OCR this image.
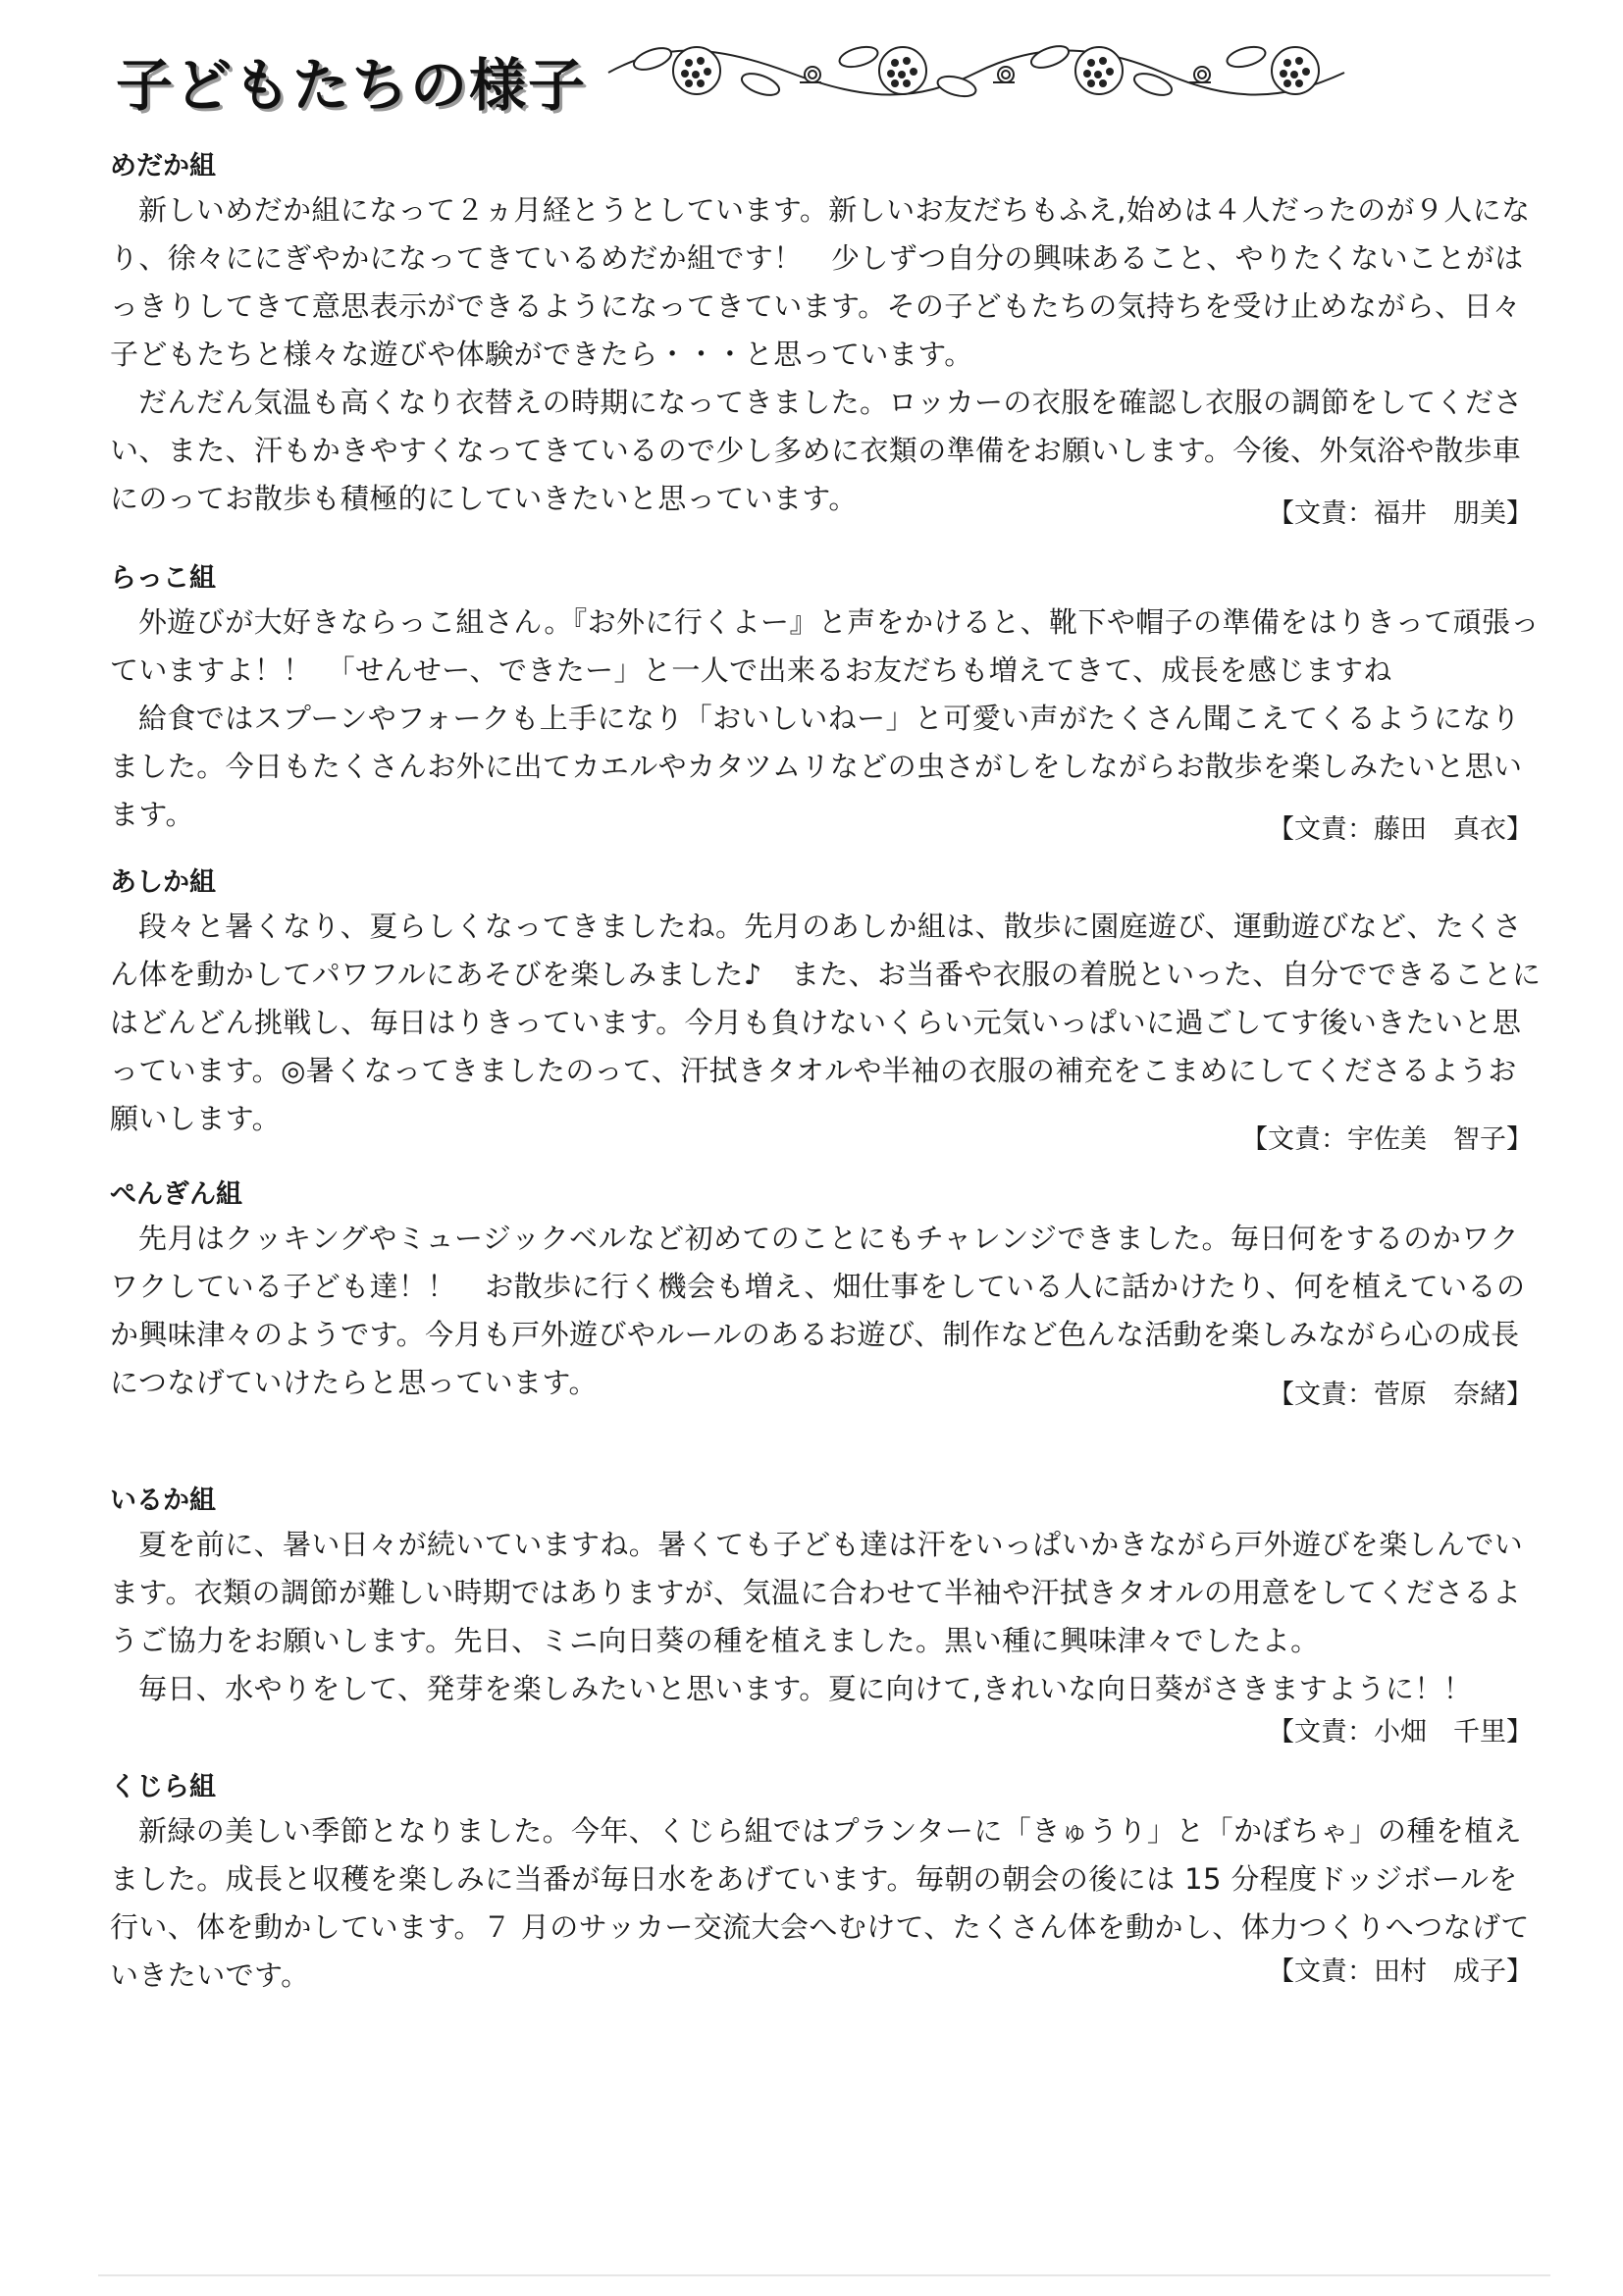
子どもたちの様子
めだか組

新しいめだか組になって２ヵ月経とうとしています。新しいお友だちもふえ,始めは４人だったのが９人になり、徐々ににぎやかになってきているめだか組です！　少しずつ自分の興味あること、やりたくないことがはっきりしてきて意思表示ができるようになってきています。その子どもたちの気持ちを受け止めながら、日々子どもたちと様々な遊びや体験ができたら・・・と思っています。

だんだん気温も高くなり衣替えの時期になってきました。ロッカーの衣服を確認し衣服の調節をしてください、また、汗もかきやすくなってきているので少し多めに衣類の準備をお願いします。今後、外気浴や散歩車にのってお散歩も積極的にしていきたいと思っています。	【文責：福井　朋美】
らっこ組

外遊びが大好きならっこ組さん。『お外に行くよー』と声をかけると、靴下や帽子の準備をはりきって頑張っていますよ！！　「せんせー、できたー」と一人で出来るお友だちも増えてきて、成長を感じますね

給食ではスプーンやフォークも上手になり「おいしいねー」と可愛い声がたくさん聞こえてくるようになりました。今日もたくさんお外に出てカエルやカタツムリなどの虫さがしをしながらお散歩を楽しみたいと思います。	【文責：藤田　真衣】
あしか組

段々と暑くなり、夏らしくなってきましたね。先月のあしか組は、散歩に園庭遊び、運動遊びなど、たくさん体を動かしてパワフルにあそびを楽しみました♪　また、お当番や衣服の着脱といった、自分でできることにはどんどん挑戦し、毎日はりきっています。今月も負けないくらい元気いっぱいに過ごしてす後いきたいと思っています。◎暑くなってきましたのって、汗拭きタオルや半袖の衣服の補充をこまめにしてくださるようお願いします。

【文責：宇佐美　智子】
ぺんぎん組

先月はクッキングやミュージックベルなど初めてのことにもチャレンジできました。毎日何をするのかワクワクしている子ども達！！　お散歩に行く機会も増え、畑仕事をしている人に話かけたり、何を植えているのか興味津々のようです。今月も戸外遊びやルールのあるお遊び、制作など色んな活動を楽しみながら心の成長につなげていけたらと思っています。	【文責：菅原　奈緒】
いるか組

夏を前に、暑い日々が続いていますね。暑くても子ども達は汗をいっぱいかきながら戸外遊びを楽しんでいます。衣類の調節が難しい時期ではありますが、気温に合わせて半袖や汗拭きタオルの用意をしてくださるようご協力をお願いします。先日、ミニ向日葵の種を植えました。黒い種に興味津々でしたよ。

毎日、水やりをして、発芽を楽しみたいと思います。夏に向けて,きれいな向日葵がさきますように！！

【文責：小畑　千里】
くじら組

新緑の美しい季節となりました。今年、くじら組ではプランターに「きゅうり」と「かぼちゃ」の種を植えました。成長と収穫を楽しみに当番が毎日水をあげています。毎朝の朝会の後には 15 分程度ドッジボールを行い、体を動かしています。７ 月のサッカー交流大会へむけて、たくさん体を動かし、体力つくりへつなげていきたいです。	【文責：田村　成子】
